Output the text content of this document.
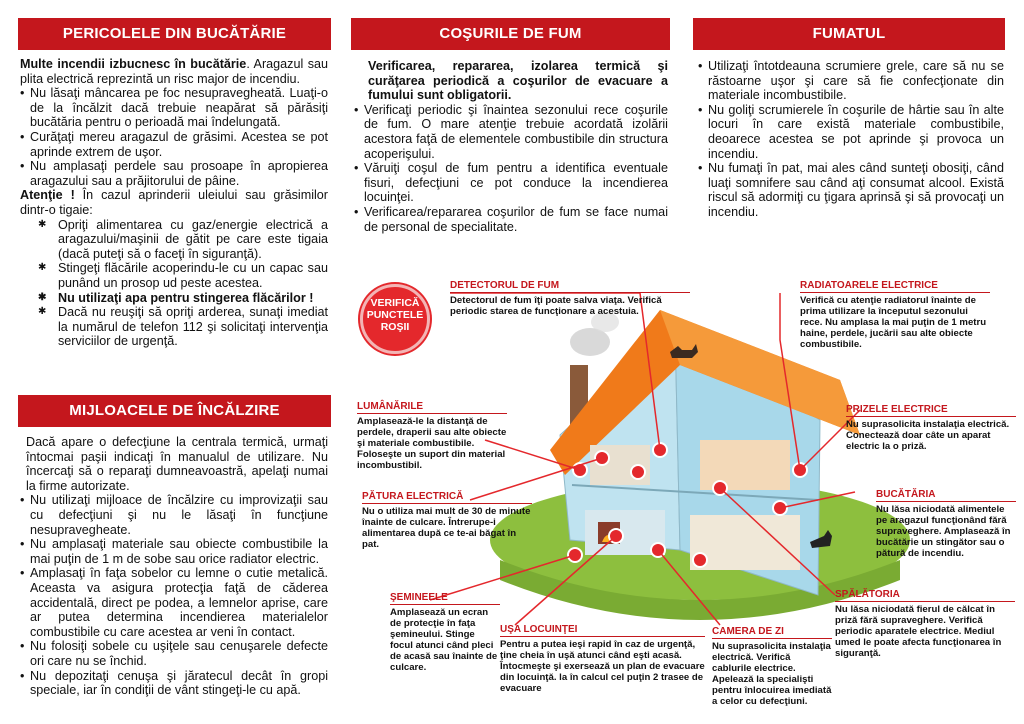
PERICOLELE DIN BUCĂTĂRIE

Multe incendii izbucnesc în bucătărie. Aragazul sau plita electrică reprezintă un risc major de incendiu.

• Nu lăsaţi mâncarea pe foc nesupravegheată. Luaţi-o de la încălzit dacă trebuie neapărat să părăsiţi bucătăria pentru o perioadă mai îndelungată.
• Curăţaţi mereu aragazul de grăsimi. Acestea se pot aprinde extrem de uşor.
• Nu amplasaţi perdele sau prosoape în apropierea aragazului sau a prăjitorului de pâine.

Atenţie ! În cazul aprinderii uleiului sau grăsimilor dintr-o tigaie:

✱ Opriţi alimentarea cu gaz/energie electrică a aragazului/maşinii de gătit pe care este tigaia (dacă puteţi să o faceţi în siguranţă).
✱ Stingeţi flăcările acoperindu-le cu un capac sau punând un prosop ud peste acestea.
✱ Nu utilizaţi apa pentru stingerea flăcărilor !
✱ Dacă nu reuşiţi să opriţi arderea, sunaţi imediat la numărul de telefon 112 şi solicitaţi intervenţia serviciilor de urgenţă.
MIJLOACELE DE ÎNCĂLZIRE

Dacă apare o defecţiune la centrala termică, urmaţi întocmai paşii indicaţi în manualul de utilizare. Nu încercaţi să o reparaţi dumneavoastră, apelaţi numai la firme autorizate.

• Nu utilizaţi mijloace de încălzire cu improvizaţii sau cu defecţiuni şi nu le lăsaţi în funcţiune nesupravegheate.
• Nu amplasaţi materiale sau obiecte combustibile la mai puţin de 1 m de sobe sau orice radiator electric.
• Amplasaţi în faţa sobelor cu lemne o cutie metalică. Aceasta va asigura protecţia faţă de căderea accidentală, direct pe podea, a lemnelor aprise, care ar putea determina incendierea materialelor combustibile cu care acestea ar veni în contact.
• Nu folosiţi sobele cu uşiţele sau cenuşarele defecte ori care nu se închid.
• Nu depozitaţi cenuşa şi jăratecul decât în gropi speciale, iar în condiţii de vânt stingeţi-le cu apă.
COŞURILE DE FUM

Verificarea, repararea, izolarea termică şi curăţarea periodică a coşurilor de evacuare a fumului sunt obligatorii.

• Verificaţi periodic şi înaintea sezonului rece coşurile de fum. O mare atenţie trebuie acordată izolării acestora faţă de elementele combustibile din structura acoperişului.
• Văruiţi coşul de fum pentru a identifica eventuale fisuri, defecţiuni ce pot conduce la incendierea locuinţei.
• Verificarea/repararea coşurilor de fum se face numai de personal de specialitate.
FUMATUL
• Utilizaţi întotdeauna scrumiere grele, care să nu se răstoarne uşor şi care să fie confecţionate din materiale incombustibile.
• Nu goliţi scrumierele în coşurile de hârtie sau în alte locuri în care există materiale combustibile, deoarece acestea se pot aprinde şi provoca un incendiu.
• Nu fumaţi în pat, mai ales când sunteţi obosiţi, când luaţi somnifere sau când aţi consumat alcool. Există riscul să adormiţi cu ţigara aprinsă şi să provocaţi un incendiu.
VERIFICĂ PUNCTELE ROŞII
DETECTORUL DE FUM
Detectorul de fum îţi poate salva viaţa. Verifică periodic starea de funcţionare a acestuia.
RADIATOARELE ELECTRICE
Verifică cu atenţie radiatorul înainte de prima utilizare la începutul sezonului rece. Nu amplasa la mai puţin de 1 metru haine, perdele, jucării sau alte obiecte combustibile.
LUMÂNĂRILE
Amplasează-le la distanţă de perdele, draperii sau alte obiecte şi materiale combustibile. Foloseşte un suport din material incombustibil.
PRIZELE ELECTRICE
Nu suprasolicita instalaţia electrică. Conectează doar câte un aparat electric la o priză.
PĂTURA ELECTRICĂ
Nu o utiliza mai mult de 30 de minute înainte de culcare. Întrerupe-i alimentarea după ce te-ai băgat în pat.
BUCĂTĂRIA
Nu lăsa niciodată alimentele pe aragazul funcţionând fără supraveghere. Amplasează în bucătărie un stingător sau o pătură de incendiu.
ŞEMINEELE
Amplasează un ecran de protecţie în faţa şemineului. Stinge focul atunci când pleci de acasă sau înainte de culcare.
UŞA LOCUINŢEI
Pentru a putea ieşi rapid în caz de urgenţă, ţine cheia în uşă atunci când eşti acasă. Întocmeşte şi exersează un plan de evacuare din locuinţă. la în calcul cel puţin 2 trasee de evacuare
CAMERA DE ZI
Nu suprasolicita instalaţia electrică. Verifică cablurile electrice. Apelează la specialişti pentru înlocuirea imediată a celor cu defecţiuni.
SPĂLĂTORIA
Nu lăsa niciodată fierul de călcat în priză fără supraveghere. Verifică periodic aparatele electrice. Mediul umed le poate afecta funcţionarea în siguranţă.
